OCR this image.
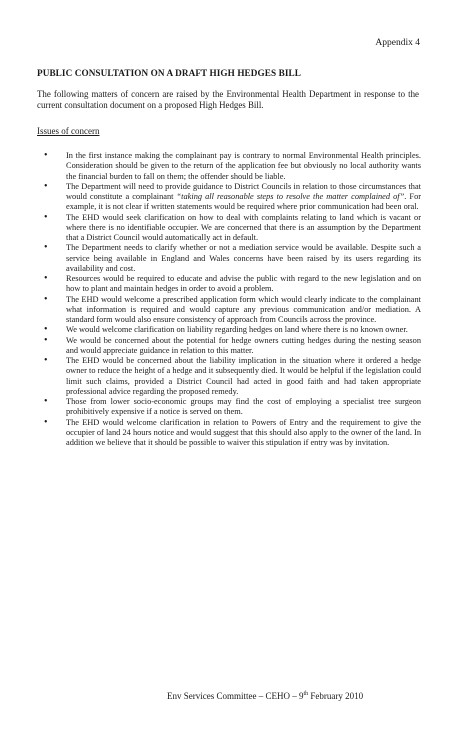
Appendix 4
PUBLIC CONSULTATION ON A DRAFT HIGH HEDGES BILL

The following matters of concern are raised by the Environmental Health Department in response to the current consultation document on a proposed High Hedges Bill.

Issues of concern
• In the first instance making the complainant pay is contrary to normal Environmental Health principles. Consideration should be given to the return of the application fee but obviously no local authority wants the financial burden to fall on them; the offender should be liable.
• The Department will need to provide guidance to District Councils in relation to those circumstances that would constitute a complainant “taking all reasonable steps to resolve the matter complained of”. For example, it is not clear if written statements would be required where prior communication had been oral.
• The EHD would seek clarification on how to deal with complaints relating to land which is vacant or where there is no identifiable occupier. We are concerned that there is an assumption by the Department that a District Council would automatically act in default.
• The Department needs to clarify whether or not a mediation service would be available. Despite such a service being available in England and Wales concerns have been raised by its users regarding its availability and cost.
• Resources would be required to educate and advise the public with regard to the new legislation and on how to plant and maintain hedges in order to avoid a problem.
• The EHD would welcome a prescribed application form which would clearly indicate to the complainant what information is required and would capture any previous communication and/or mediation. A standard form would also ensure consistency of approach from Councils across the province.
• We would welcome clarification on liability regarding hedges on land where there is no known owner.
• We would be concerned about the potential for hedge owners cutting hedges during the nesting season and would appreciate guidance in relation to this matter.
• The EHD would be concerned about the liability implication in the situation where it ordered a hedge owner to reduce the height of a hedge and it subsequently died. It would be helpful if the legislation could limit such claims, provided a District Council had acted in good faith and had taken appropriate professional advice regarding the proposed remedy.
• Those from lower socio-economic groups may find the cost of employing a specialist tree surgeon prohibitively expensive if a notice is served on them.
• The EHD would welcome clarification in relation to Powers of Entry and the requirement to give the occupier of land 24 hours notice and would suggest that this should also apply to the owner of the land. In addition we believe that it should be possible to waiver this stipulation if entry was by invitation.
Env Services Committee – CEHO – 9th February 2010
